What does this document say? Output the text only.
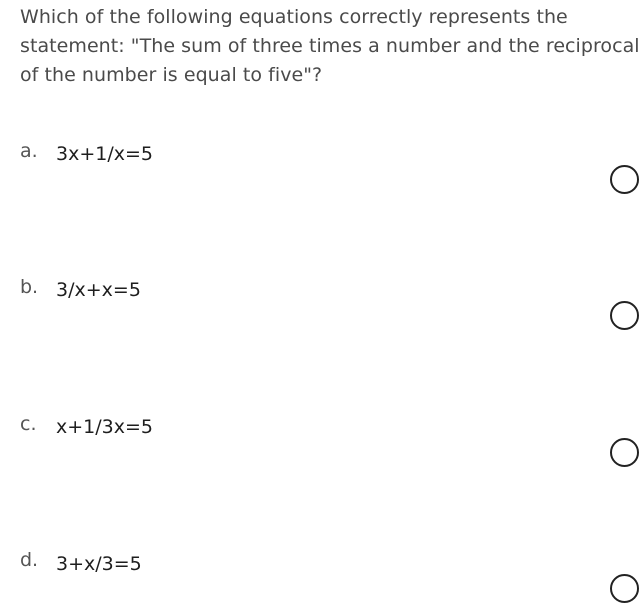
Which of the following equations correctly represents the statement: "The sum of three times a number and the reciprocal of the number is equal to five"?
a. 3x+1/x=5
b. 3/x+x=5
c. x+1/3x=5
d. 3+x/3=5
